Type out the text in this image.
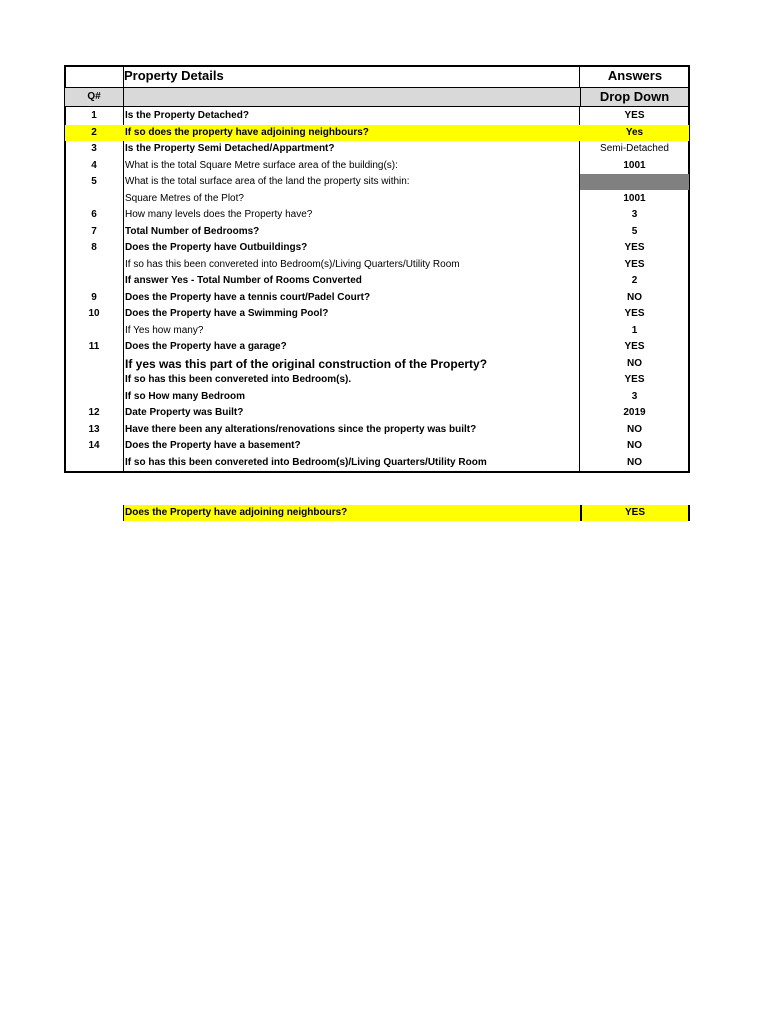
Property Details	Answers
Q#	Drop Down
1	Is the Property Detached?	YES
2	If so does the property have adjoining neighbours?	Yes
3	Is the Property Semi Detached/Appartment?	Semi-Detached
4	What is the total Square Metre surface area of the building(s):	1001
5	What is the total surface area of the land the property sits within:
Square Metres of the Plot?	1001
6	How many levels does the Property have?	3
7	Total Number of Bedrooms?	5
8	Does the Property have Outbuildings?	YES
If so has this been convereted into Bedroom(s)/Living Quarters/Utility Room	YES
If answer Yes - Total Number of Rooms Converted	2
9	Does the Property have a tennis court/Padel Court?	NO
10	Does the Property have a Swimming Pool?	YES
If Yes how many?	1
11	Does the Property have a garage?	YES
If yes was this part of the original construction of the Property?	NO
If so has this been convereted into Bedroom(s).	YES
If so How many Bedroom	3
12	Date Property was Built?	2019
13	Have there been any alterations/renovations since the property was built?	NO
14	Does the Property have a basement?	NO
If so has this been convereted into Bedroom(s)/Living Quarters/Utility Room	NO
Does the Property have adjoining neighbours?	YES
